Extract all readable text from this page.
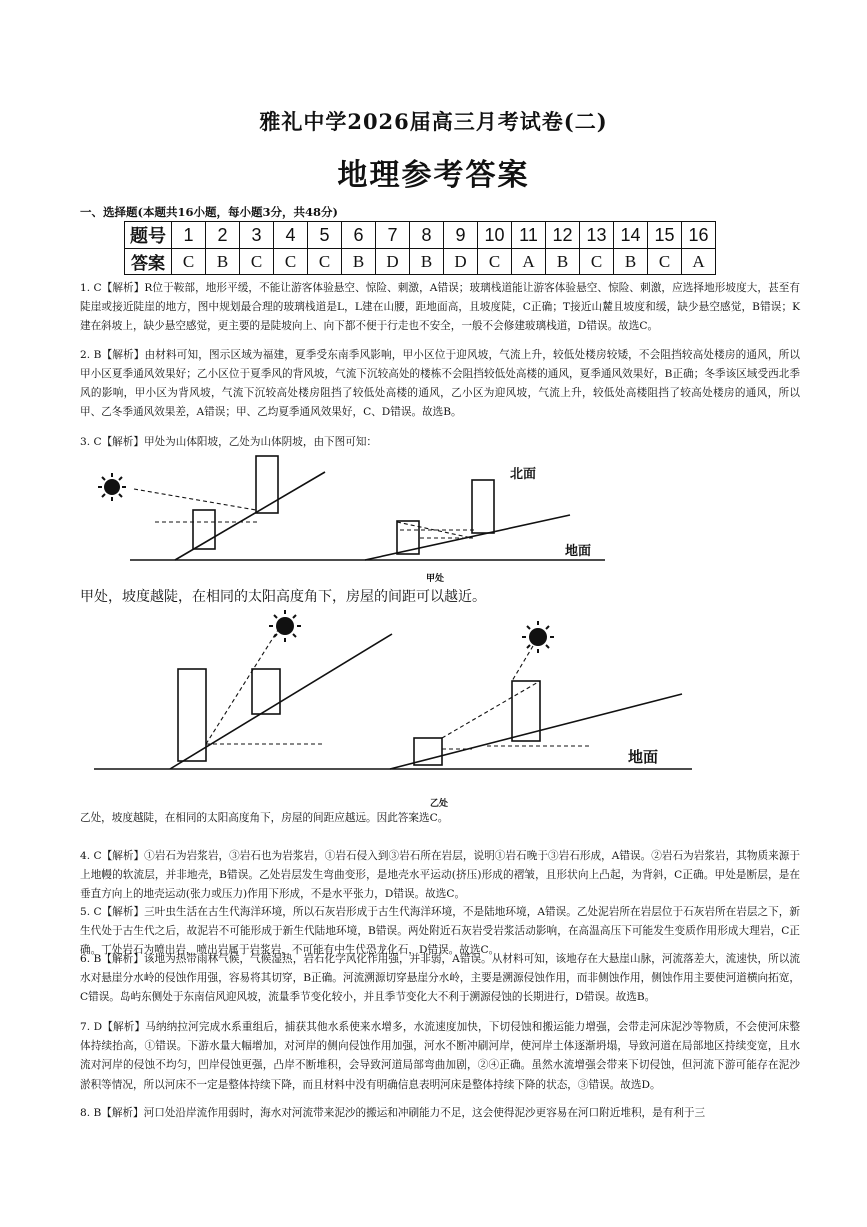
雅礼中学2026届高三月考试卷(二)
地理参考答案
一、选择题(本题共16小题，每小题3分，共48分)
题号	1	2	3	4	5	6	7	8	9	10	11	12	13	14	15	16
答案	C	B	C	C	C	B	D	B	D	C	A	B	C	B	C	A
1. C【解析】R位于鞍部，地形平缓，不能让游客体验悬空、惊险、刺激，A错误；玻璃栈道能让游客体验悬空、惊险、刺激，应选择地形坡度大，甚至有陡崖或接近陡崖的地方，图中规划最合理的玻璃栈道是L，L建在山腰，距地面高，且坡度陡，C正确；T接近山麓且坡度和缓，缺少悬空感觉，B错误；K建在斜坡上，缺少悬空感觉，更主要的是陡坡向上、向下都不便于行走也不安全，一般不会修建玻璃栈道，D错误。故选C。
2. B【解析】由材料可知，图示区域为福建，夏季受东南季风影响，甲小区位于迎风坡，气流上升，较低处楼房较矮，不会阻挡较高处楼房的通风，所以甲小区夏季通风效果好；乙小区位于夏季风的背风坡，气流下沉较高处的楼栋不会阻挡较低处高楼的通风，夏季通风效果好，B正确；冬季该区域受西北季风的影响，甲小区为背风坡，气流下沉较高处楼房阻挡了较低处高楼的通风，乙小区为迎风坡，气流上升，较低处高楼阻挡了较高处楼房的通风，所以甲、乙冬季通风效果差，A错误；甲、乙均夏季通风效果好，C、D错误。故选B。
3. C【解析】甲处为山体阳坡，乙处为山体阴坡，由下图可知：
北面
地面
甲处
甲处，坡度越陡，在相同的太阳高度角下，房屋的间距可以越近。
地面
乙处
乙处，坡度越陡，在相同的太阳高度角下，房屋的间距应越远。因此答案选C。
4. C【解析】①岩石为岩浆岩，③岩石也为岩浆岩，①岩石侵入到③岩石所在岩层，说明①岩石晚于③岩石形成，A错误。②岩石为岩浆岩，其物质来源于上地幔的软流层，并非地壳，B错误。乙处岩层发生弯曲变形，是地壳水平运动(挤压)形成的褶皱，且形状向上凸起，为背斜，C正确。甲处是断层，是在垂直方向上的地壳运动(张力或压力)作用下形成，不是水平张力，D错误。故选C。
5. C【解析】三叶虫生活在古生代海洋环境，所以石灰岩形成于古生代海洋环境，不是陆地环境，A错误。乙处泥岩所在岩层位于石灰岩所在岩层之下，新生代处于古生代之后，故泥岩不可能形成于新生代陆地环境，B错误。两处附近石灰岩受岩浆活动影响，在高温高压下可能发生变质作用形成大理岩，C正确。丁处岩石为喷出岩，喷出岩属于岩浆岩，不可能有中生代恐龙化石，D错误。故选C。
6. B【解析】该地为热带雨林气候，气候湿热，岩石化学风化作用强，并非弱，A错误。从材料可知，该地存在大悬崖山脉，河流落差大，流速快，所以流水对悬崖分水岭的侵蚀作用强，容易将其切穿，B正确。河流溯源切穿悬崖分水岭，主要是溯源侵蚀作用，而非侧蚀作用，侧蚀作用主要使河道横向拓宽，C错误。岛屿东侧处于东南信风迎风坡，流量季节变化较小，并且季节变化大不利于溯源侵蚀的长期进行，D错误。故选B。
7. D【解析】马纳纳拉河完成水系重组后，捕获其他水系使来水增多，水流速度加快，下切侵蚀和搬运能力增强，会带走河床泥沙等物质，不会使河床整体持续抬高，①错误。下游水量大幅增加，对河岸的侧向侵蚀作用加强，河水不断冲刷河岸，使河岸土体逐渐坍塌，导致河道在局部地区持续变宽，且水流对河岸的侵蚀不均匀，凹岸侵蚀更强，凸岸不断堆积，会导致河道局部弯曲加剧，②④正确。虽然水流增强会带来下切侵蚀，但河流下游可能存在泥沙淤积等情况，所以河床不一定是整体持续下降，而且材料中没有明确信息表明河床是整体持续下降的状态，③错误。故选D。
8. B【解析】河口处沿岸流作用弱时，海水对河流带来泥沙的搬运和冲刷能力不足，这会使得泥沙更容易在河口附近堆积，是有利于三
